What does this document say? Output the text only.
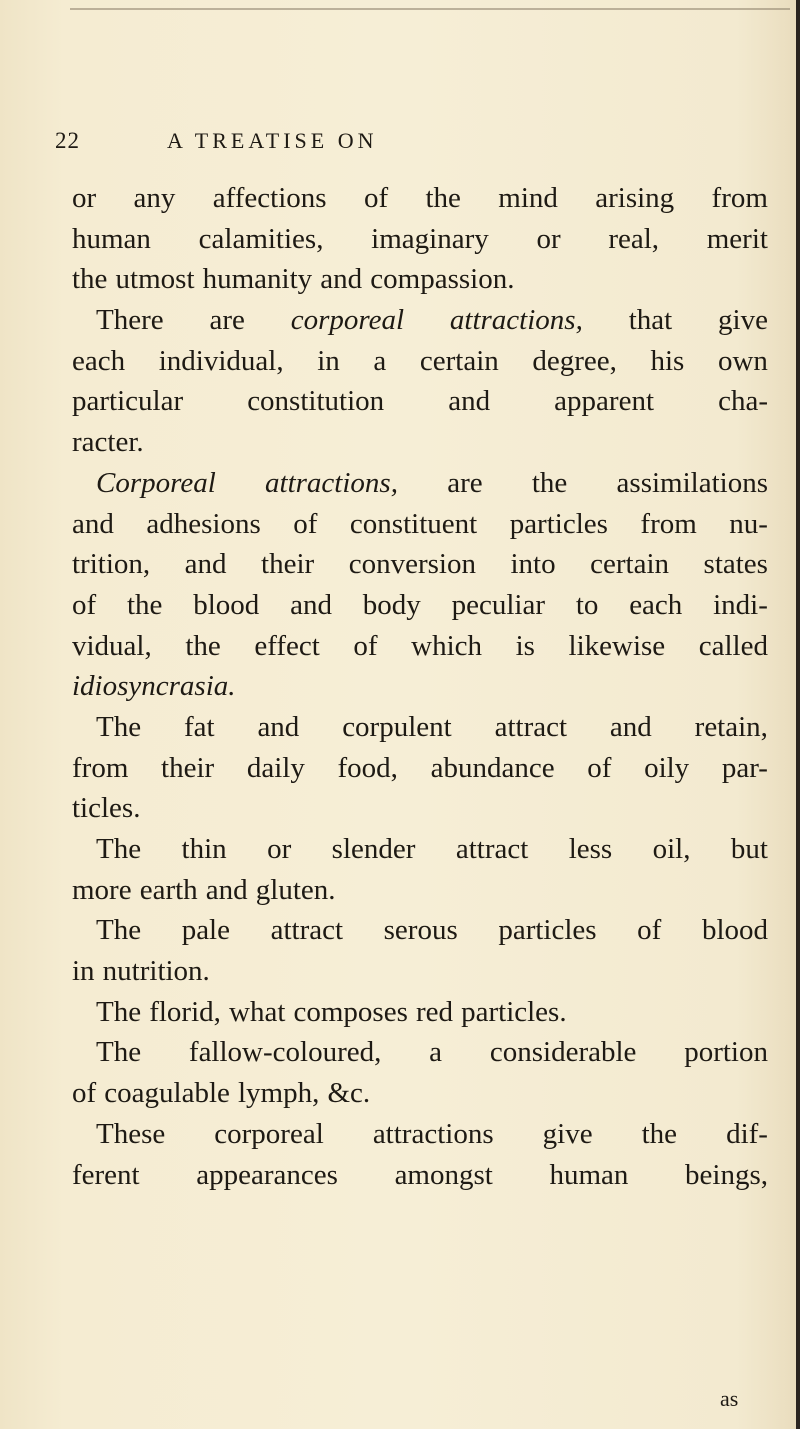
22	A TREATISE ON
or any affections of the mind arising from
human calamities, imaginary or real, merit
the utmost humanity and compassion.
There are corporeal attractions, that give
each individual, in a certain degree, his own
particular constitution and apparent cha-
racter.
Corporeal attractions, are the assimilations
and adhesions of constituent particles from nu-
trition, and their conversion into certain states
of the blood and body peculiar to each indi-
vidual, the effect of which is likewise called
idiosyncrasia.
The fat and corpulent attract and retain,
from their daily food, abundance of oily par-
ticles.
The thin or slender attract less oil, but
more earth and gluten.
The pale attract serous particles of blood
in nutrition.
The florid, what composes red particles.
The fallow-coloured, a considerable portion
of coagulable lymph, &c.
These corporeal attractions give the dif-
ferent appearances amongst human beings,
as
